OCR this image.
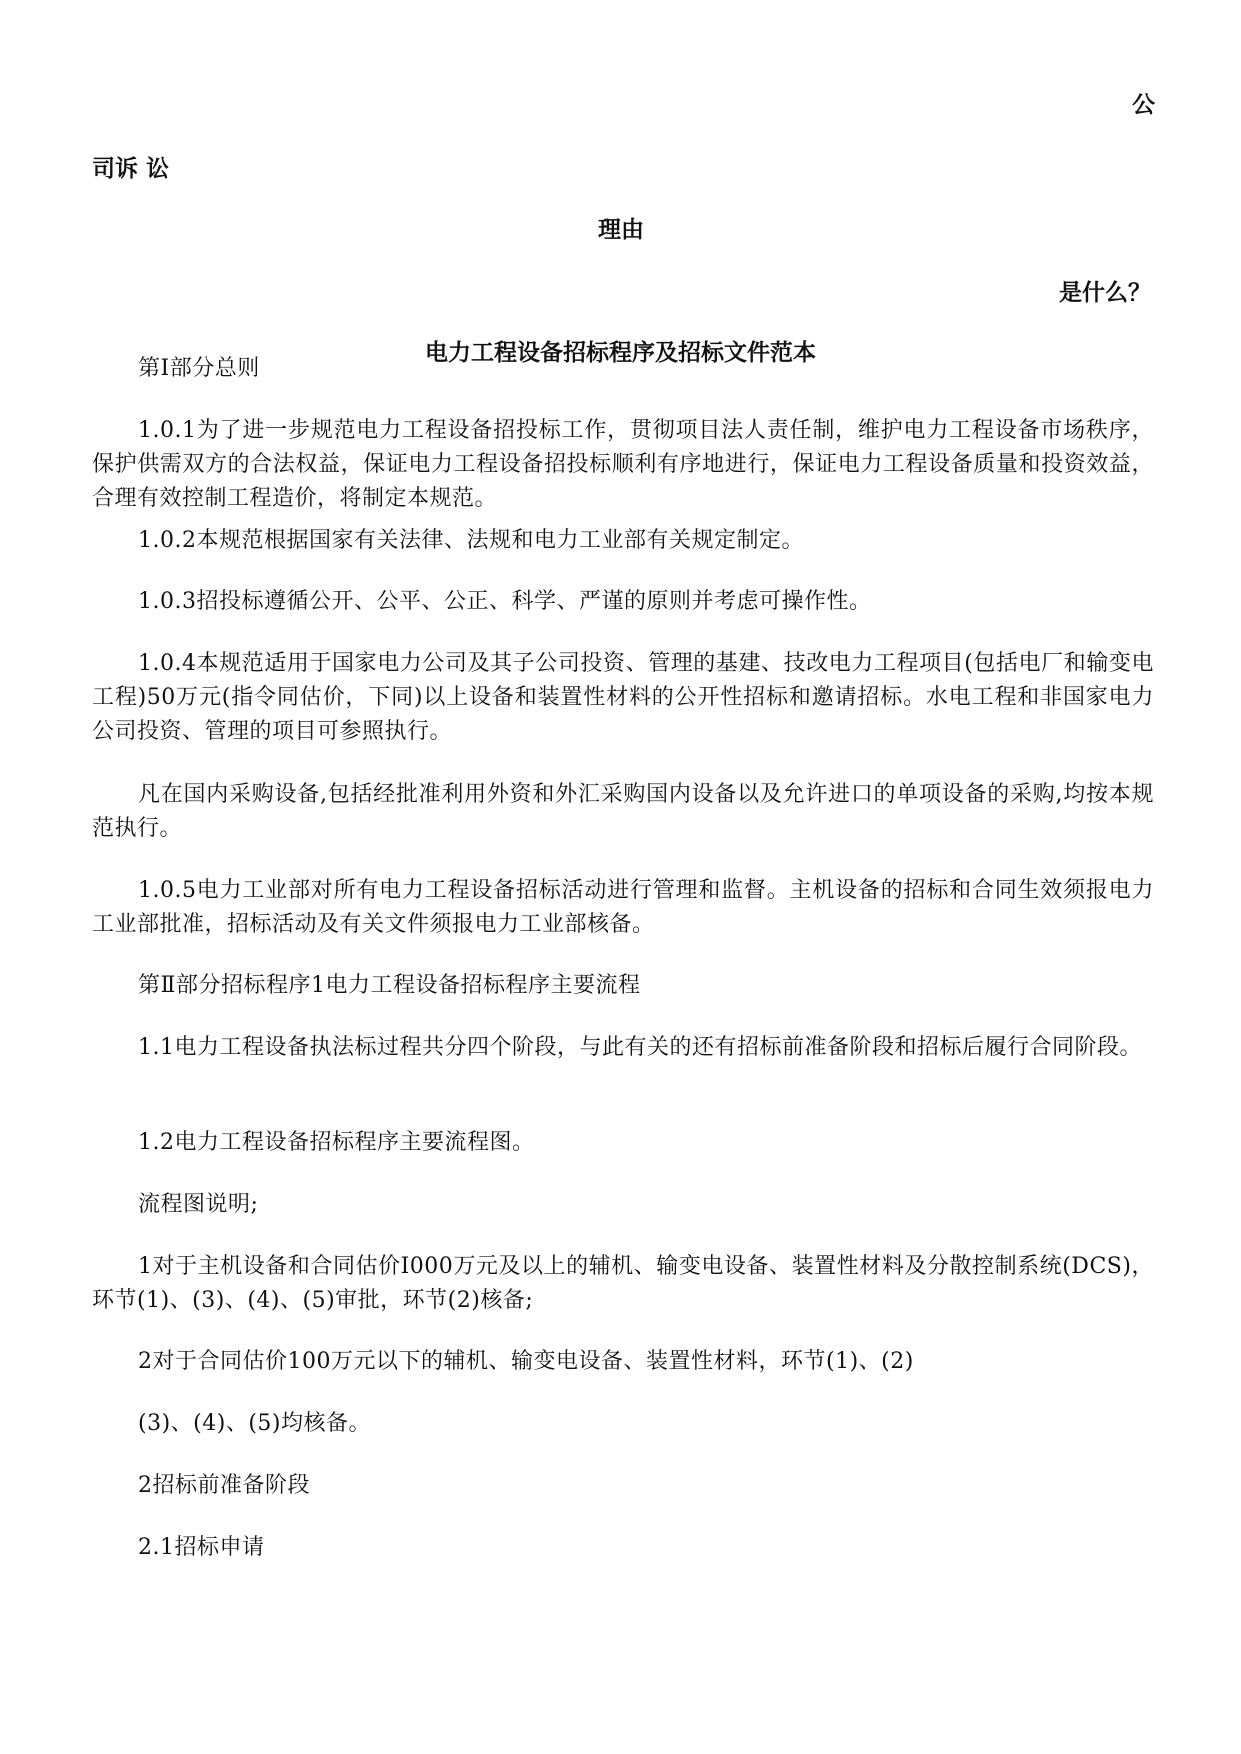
公
司诉 讼
理由
是什么？
电力工程设备招标程序及招标文件范本

第Ⅰ部分总则

1.0.1为了进一步规范电力工程设备招投标工作，贯彻项目法人责任制，维护电力工程设备市场秩序，保护供需双方的合法权益，保证电力工程设备招投标顺利有序地进行，保证电力工程设备质量和投资效益，合理有效控制工程造价，将制定本规范。

1.0.2本规范根据国家有关法律、法规和电力工业部有关规定制定。

1.0.3招投标遵循公开、公平、公正、科学、严谨的原则并考虑可操作性。

1.0.4本规范适用于国家电力公司及其子公司投资、管理的基建、技改电力工程项目(包括电厂和输变电工程)50万元(指令同估价，下同)以上设备和装置性材料的公开性招标和邀请招标。水电工程和非国家电力公司投资、管理的项目可参照执行。

凡在国内采购设备,包括经批准利用外资和外汇采购国内设备以及允许进口的单项设备的采购,均按本规范执行。

1.0.5电力工业部对所有电力工程设备招标活动进行管理和监督。主机设备的招标和合同生效须报电力工业部批准，招标活动及有关文件须报电力工业部核备。

第Ⅱ部分招标程序1电力工程设备招标程序主要流程

1.1电力工程设备执法标过程共分四个阶段，与此有关的还有招标前准备阶段和招标后履行合同阶段。

1.2电力工程设备招标程序主要流程图。

流程图说明;

1对于主机设备和合同估价I000万元及以上的辅机、输变电设备、装置性材料及分散控制系统(DCS)，环节(1)、(3)、(4)、(5)审批，环节(2)核备;

2对于合同估价100万元以下的辅机、输变电设备、装置性材料，环节(1)、(2)

(3)、(4)、(5)均核备。

2招标前准备阶段

2.1招标申请
